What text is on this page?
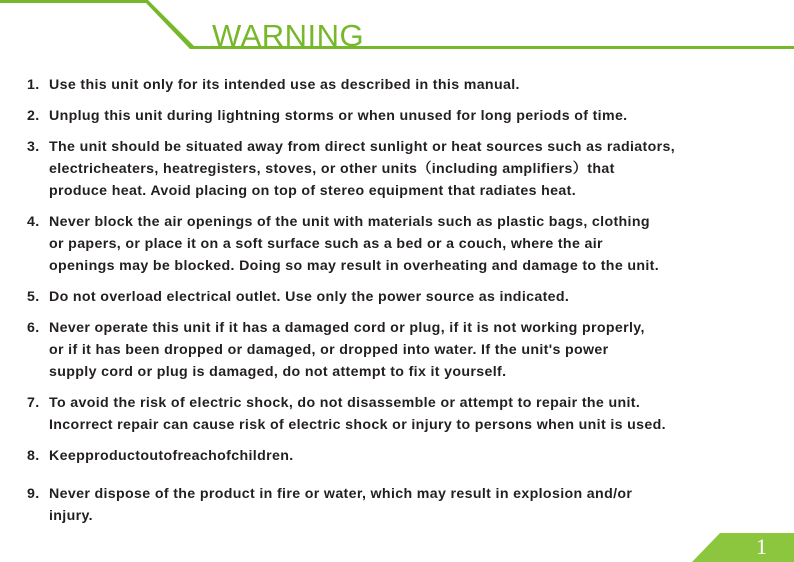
WARNING
1. Use this unit only for its intended use as described in this manual.
2. Unplug this unit during lightning storms or when unused for long periods of time.
3. The unit should be situated away from direct sunlight or heat sources such as radiators,
electricheaters, heatregisters, stoves, or other units（including amplifiers）that
produce heat. Avoid placing on top of stereo equipment that radiates heat.
4. Never block the air openings of the unit with materials such as plastic bags, clothing
or papers, or place it on a soft surface such as a bed or a couch, where the air
openings may be blocked. Doing so may result in overheating and damage to the unit.
5. Do not overload electrical outlet. Use only the power source as indicated.
6. Never operate this unit if it has a damaged cord or plug, if it is not working properly,
or if it has been dropped or damaged, or dropped into water. If the unit's power
supply cord or plug is damaged, do not attempt to fix it yourself.
7. To avoid the risk of electric shock, do not disassemble or attempt to repair the unit.
Incorrect repair can cause risk of electric shock or injury to persons when unit is used.
8. Keepproductoutofreachofchildren.
9. Never dispose of the product in fire or water, which may result in explosion and/or
injury.
1
